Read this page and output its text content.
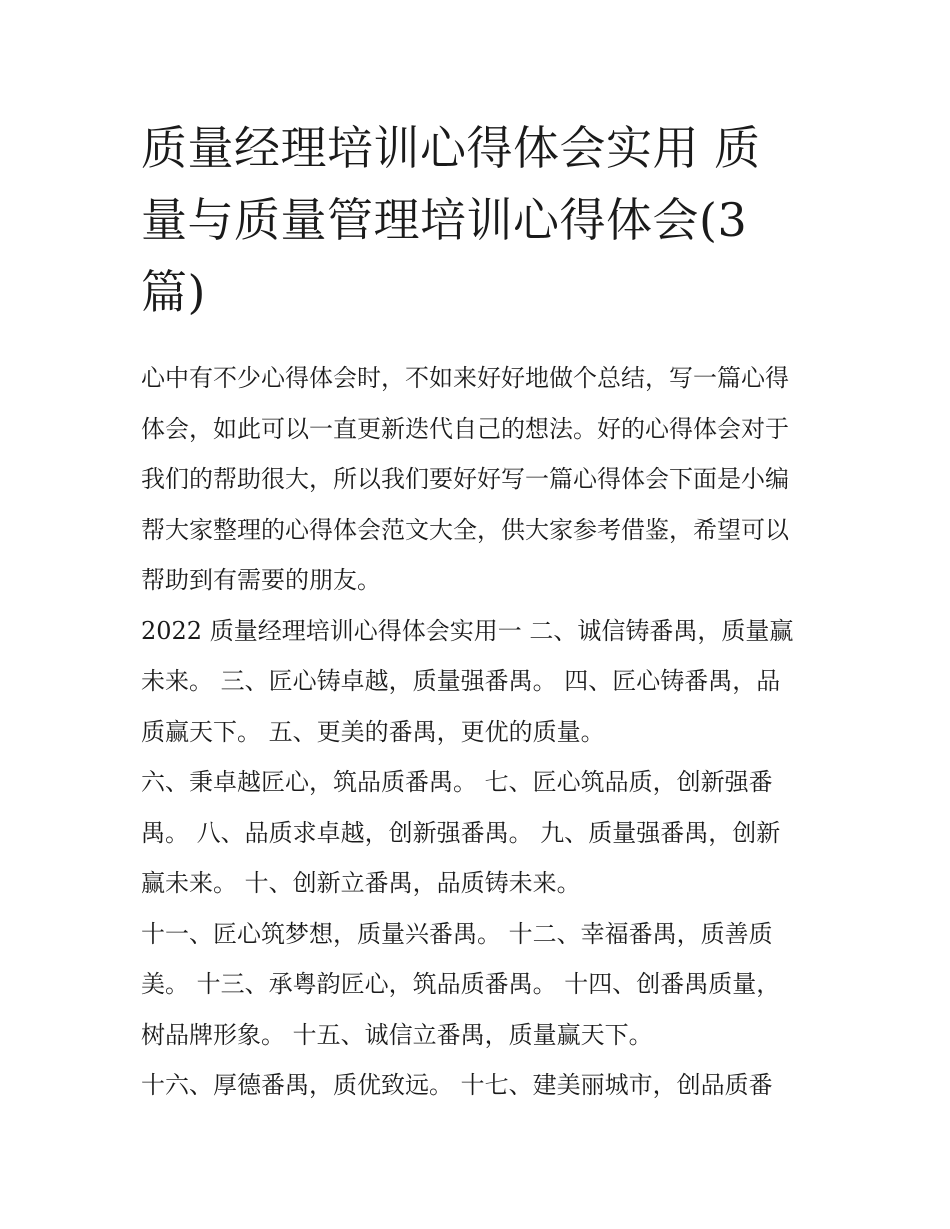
质量经理培训心得体会实用 质
量与质量管理培训心得体会(3
篇)
心中有不少心得体会时，不如来好好地做个总结，写一篇心得
体会，如此可以一直更新迭代自己的想法。好的心得体会对于
我们的帮助很大，所以我们要好好写一篇心得体会下面是小编
帮大家整理的心得体会范文大全，供大家参考借鉴，希望可以
帮助到有需要的朋友。
2022 质量经理培训心得体会实用一 二、诚信铸番禺，质量赢
未来。 三、匠心铸卓越，质量强番禺。 四、匠心铸番禺，品
质赢天下。 五、更美的番禺，更优的质量。
六、秉卓越匠心，筑品质番禺。 七、匠心筑品质，创新强番
禺。 八、品质求卓越，创新强番禺。 九、质量强番禺，创新
赢未来。 十、创新立番禺，品质铸未来。
十一、匠心筑梦想，质量兴番禺。 十二、幸福番禺，质善质
美。 十三、承粤韵匠心，筑品质番禺。 十四、创番禺质量，
树品牌形象。 十五、诚信立番禺，质量赢天下。
十六、厚德番禺，质优致远。 十七、建美丽城市，创品质番
